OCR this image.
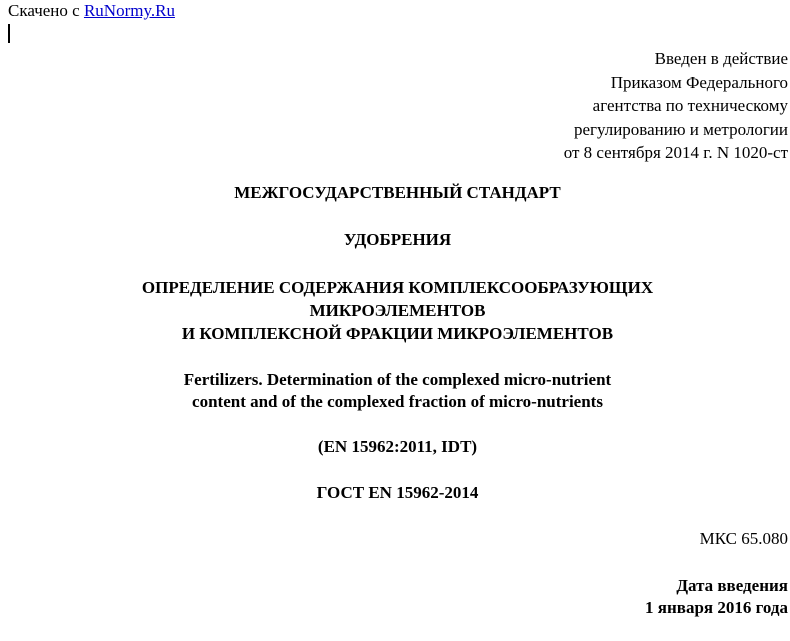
Скачено с RuNormy.Ru
Введен в действие
Приказом Федерального
агентства по техническому
регулированию и метрологии
от 8 сентября 2014 г. N 1020-ст
МЕЖГОСУДАРСТВЕННЫЙ СТАНДАРТ
УДОБРЕНИЯ
ОПРЕДЕЛЕНИЕ СОДЕРЖАНИЯ КОМПЛЕКСООБРАЗУЮЩИХ
МИКРОЭЛЕМЕНТОВ
И КОМПЛЕКСНОЙ ФРАКЦИИ МИКРОЭЛЕМЕНТОВ
Fertilizers. Determination of the complexed micro-nutrient
content and of the complexed fraction of micro-nutrients
(EN 15962:2011, IDT)
ГОСТ EN 15962-2014
МКС 65.080
Дата введения
1 января 2016 года
